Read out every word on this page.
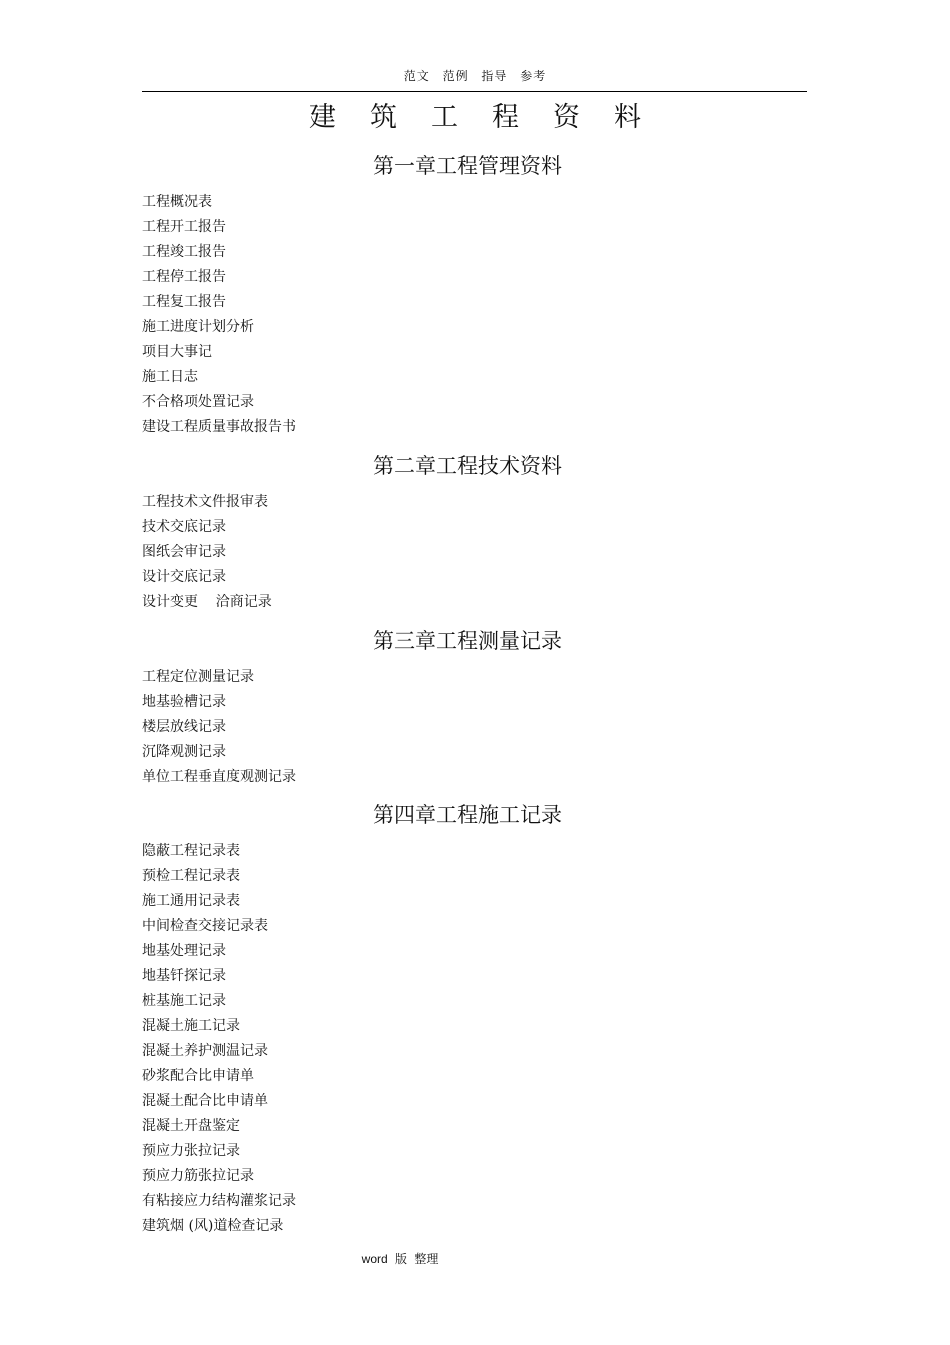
范文 范例 指导 参考
建筑工程资料
第一章工程管理资料
工程概况表
工程开工报告
工程竣工报告
工程停工报告
工程复工报告
施工进度计划分析
项目大事记
施工日志
不合格项处置记录
建设工程质量事故报告书
第二章工程技术资料
工程技术文件报审表
技术交底记录
图纸会审记录
设计交底记录
设计变更    洽商记录
第三章工程测量记录
工程定位测量记录
地基验槽记录
楼层放线记录
沉降观测记录
单位工程垂直度观测记录
第四章工程施工记录
隐蔽工程记录表
预检工程记录表
施工通用记录表
中间检查交接记录表
地基处理记录
地基钎探记录
桩基施工记录
混凝土施工记录
混凝土养护测温记录
砂浆配合比申请单
混凝土配合比申请单
混凝土开盘鉴定
预应力张拉记录
预应力筋张拉记录
有粘接应力结构灌浆记录
建筑烟 (风)道检查记录
word 版 整理
